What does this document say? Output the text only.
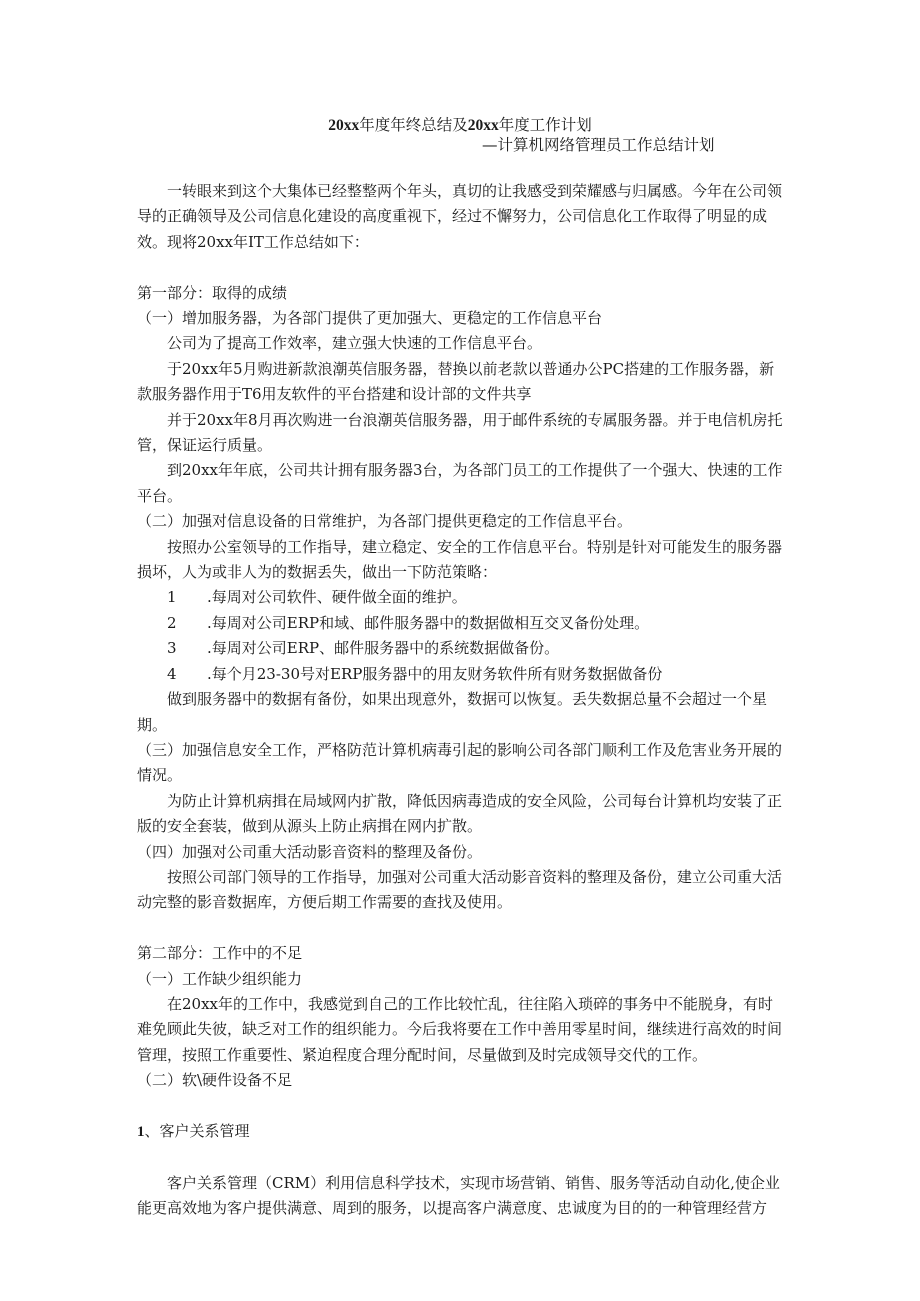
20xx年度年终总结及20xx年度工作计划
—计算机网络管理员工作总结计划

一转眼来到这个大集体已经整整两个年头，真切的让我感受到荣耀感与归属感。今年在公司领导的正确领导及公司信息化建设的高度重视下，经过不懈努力，公司信息化工作取得了明显的成效。现将20xx年IT工作总结如下：

第一部分：取得的成绩

（一）增加服务器，为各部门提供了更加强大、更稳定的工作信息平台

公司为了提高工作效率，建立强大快速的工作信息平台。

于20xx年5月购进新款浪潮英信服务器，替换以前老款以普通办公PC搭建的工作服务器，新款服务器作用于T6用友软件的平台搭建和设计部的文件共享

并于20xx年8月再次购进一台浪潮英信服务器，用于邮件系统的专属服务器。并于电信机房托管，保证运行质量。

到20xx年年底，公司共计拥有服务器3台，为各部门员工的工作提供了一个强大、快速的工作平台。

（二）加强对信息设备的日常维护，为各部门提供更稳定的工作信息平台。

按照办公室领导的工作指导，建立稳定、安全的工作信息平台。特别是针对可能发生的服务器损坏，人为或非人为的数据丢失，做出一下防范策略：

1 .每周对公司软件、硬件做全面的维护。

2 .每周对公司ERP和域、邮件服务器中的数据做相互交叉备份处理。

3 .每周对公司ERP、邮件服务器中的系统数据做备份。

4 .每个月23-30号对ERP服务器中的用友财务软件所有财务数据做备份

做到服务器中的数据有备份，如果出现意外，数据可以恢复。丢失数据总量不会超过一个星期。

（三）加强信息安全工作，严格防范计算机病毒引起的影响公司各部门顺利工作及危害业务开展的情况。

为防止计算机病揖在局域网内扩散，降低因病毒造成的安全风险，公司每台计算机均安装了正版的安全套装，做到从源头上防止病揖在网内扩散。

（四）加强对公司重大活动影音资料的整理及备份。

按照公司部门领导的工作指导，加强对公司重大活动影音资料的整理及备份，建立公司重大活动完整的影音数据库，方便后期工作需要的查找及使用。

第二部分：工作中的不足

（一）工作缺少组织能力

在20xx年的工作中，我感觉到自己的工作比较忙乱，往往陷入琐碎的事务中不能脱身，有时难免顾此失彼，缺乏对工作的组织能力。今后我将要在工作中善用零星时间，继续进行高效的时间管理，按照工作重要性、紧迫程度合理分配时间，尽量做到及时完成领导交代的工作。

（二）软\硬件设备不足

1、客户关系管理

客户关系管理（CRM）利用信息科学技术，实现市场营销、销售、服务等活动自动化,使企业能更高效地为客户提供满意、周到的服务，以提高客户满意度、忠诚度为目的的一种管理经营方
